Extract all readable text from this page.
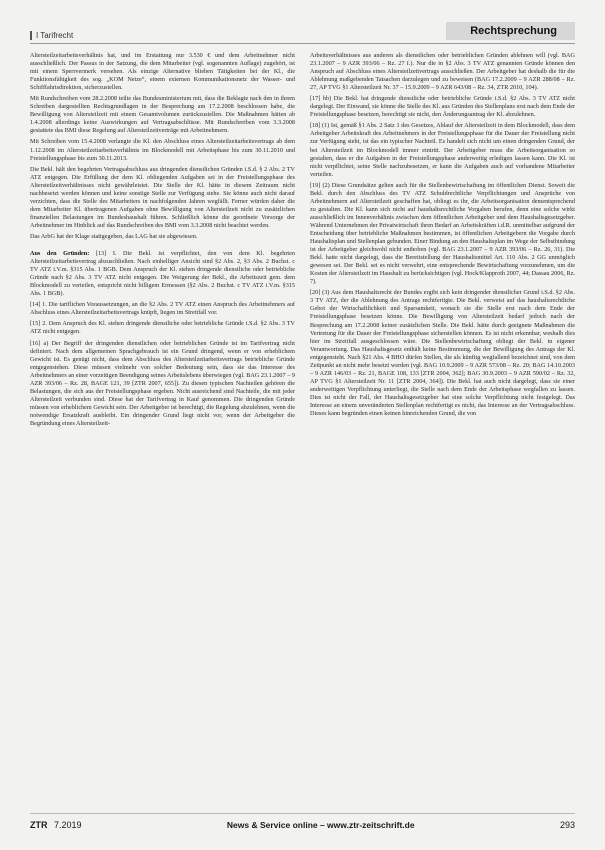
I Tarifrecht	Rechtsprechung

Altersteilzeitarbeitsverhältnis hat, und im Erstattung nur 3.530 € und dem Arbeitnehmer nicht ausschließlich. Der Passus in der Satzung, die dem Mitarbeiter (vgl. sogenannten Auflage) zugehört, ist mit einem Sperrvermerk versehen. Als einzige Alternative blieben Tätigkeiten bei der Kl., die Funktionsfähigkeit des sog. „KOM Netze“, einem externen Kommunikationsnetz der Wasser- und Schifffahrtsdirektion, sicherzustellen.

Mit Rundschreiben vom 28.2.2008 teilte das Bundesministerium mit, dass die Beklagte nach den in ihrem Schreiben dargestellten Rechtsgrundlagen in der Besprechung am 17.2.2008 beschlossen habe, die Bewilligung von Altersteilzeit mit einem Gesamtvolumen zurückzustellen. Die Maßnahmen hätten ab 1.4.2008 allerdings keine Auswirkungen auf Vertragsabschlüsse. Mit Rundschreiben vom 3.3.2008 gestattete das BMI diese Regelung auf Altersteilzeitverträge mit Arbeitnehmern.

Mit Schreiben vom 15.4.2008 verlangte die Kl. den Abschluss eines Altersteilzeitarbeitsvertrags ab dem 1.12.2008 im Altersteilzeitarbeitsverhältnis im Blockmodell mit Arbeitsphase bis zum 30.11.2010 und Freistellungsphase bis zum 30.11.2013.

Die Bekl. hält den begehrten Vertragsabschluss aus dringenden dienstlichen Gründen i.S.d. § 2 Abs. 2 TV ATZ entgegen. Die Erfüllung der dem Kl. obliegenden Aufgaben sei in der Freistellungsphase des Altersteilzeitverhältnisses nicht gewährleistet. Die Stelle der Kl. hätte in diesem Zeitraum nicht nachbesetzt werden können und keine sonstige Stelle zur Verfügung stehe. Sie könne auch nicht darauf verzichten, dass die Stelle des Mitarbeiters in nachfolgenden Jahren wegfällt. Ferner würden daher die dem Mitarbeiter Kl. übertragenen Aufgaben ohne Bewilligung von Altersteilzeit nicht zu zusätzlichen finanziellen Belastungen im Bundeshaushalt führen. Schließlich könne die geordnete Vorsorge der Arbeitnehmer im Hinblick auf das Rundschreiben des BMI vom 3.3.2008 nicht beachtet werden.

Das ArbG hat der Klage stattgegeben, das LAG hat sie abgewiesen.

Aus den Gründen: [13] I. Die Bekl. ist verpflichtet, den von dem Kl. begehrten Altersteilzeitarbeitsvertrag abzuschließen. Nach einhelliger Ansicht sind §2 Abs. 2, §3 Abs. 2 Buchst. c TV ATZ i.V.m. §315 Abs. 1 BGB. Dem Anspruch der Kl. stehen dringende dienstliche oder betriebliche Gründe nach §2 Abs. 3 TV ATZ nicht entgegen. Die Weigerung der Bekl., die Arbeitszeit gem. dem Blockmodell zu verteilen, entspricht nicht billigem Ermessen (§2 Abs. 2 Buchst. c TV ATZ i.V.m. §315 Abs. 1 BGB).

[14] 1. Die tariflichen Voraussetzungen, an die §2 Abs. 2 TV ATZ einen Anspruch des Arbeitnehmers auf Abschluss eines Altersteilzeitarbeitsvertrags knüpft, liegen im Streitfall vor.

[15] 2. Dem Anspruch des Kl. stehen dringende dienstliche oder betriebliche Gründe i.S.d. §2 Abs. 3 TV ATZ nicht entgegen.

[16] a) Der Begriff der dringenden dienstlichen oder betrieblichen Gründe ist im Tarifvertrag nicht definiert. Nach dem allgemeinen Sprachgebrauch ist ein Grund dringend, wenn er von erheblichem Gewicht ist. Es genügt nicht, dass dem Abschluss des Altersteilzeitarbeitsvertrags betriebliche Gründe entgegenstehen. Diese müssen vielmehr von solcher Bedeutung sein, dass sie das Interesse des Arbeitnehmers an einer vorzeitigen Beendigung seines Arbeitslebens überwiegen (vgl. BAG 23.1.2007 – 9 AZR 393/06 – Rz. 28, BAGE 121, 39 [ZTR 2007, 655]). Zu diesen typischen Nachteilen gehören die Belastungen, die sich aus der Freistellungsphase ergeben. Nicht ausreichend sind Nachteile, die mit jeder Altersteilzeit verbunden sind. Diese hat der Tarifvertrag in Kauf genommen. Die dringenden Gründe müssen von erheblichem Gewicht sein. Der Arbeitgeber ist berechtigt, die Regelung abzulehnen, wenn die notwendige Ersatzkraft ausbleibt. Ein dringender Grund liegt nicht vor, wenn der Arbeitgeber die Begründung eines Altersteilzeit-

Arbeitsverhältnisses aus anderen als dienstlichen oder betrieblichen Gründen ablehnen will (vgl. BAG 23.1.2007 – 9 AZR 393/06 – Rz. 27 f.). Nur die in §2 Abs. 3 TV ATZ genannten Gründe können den Anspruch auf Abschluss eines Altersteilzeitvertrags ausschließen. Der Arbeitgeber hat deshalb die für die Ablehnung maßgebenden Tatsachen darzulegen und zu beweisen (BAG 17.2.2009 – 9 AZR 288/08 – Rz. 27, AP TVG §1 Altersteilzeit Nr. 37 – 15.9.2009 – 9 AZR 643/08 – Rz. 34, ZTR 2010, 104).

[17] bb) Die Bekl. hat dringende dienstliche oder betriebliche Gründe i.S.d. §2 Abs. 3 TV ATZ nicht dargelegt. Der Einwand, sie könne die Stelle des Kl. aus Gründen des Stellenplans erst nach dem Ende der Freistellungsphase besetzen, berechtigt sie nicht, den Änderungsantrag der Kl. abzulehnen.

[18] (1) Ist, gemäß §1 Abs. 2 Satz 1 des Gesetzes, Ablauf der Altersteilzeit in dem Blockmodell, dass dem Arbeitgeber Arbeitskraft des Arbeitnehmers in der Freistellungsphase für die Dauer der Freistellung nicht zur Verfügung steht, ist das ein typischer Nachteil. Es handelt sich nicht um einen dringenden Grund, der bei Altersteilzeit im Blockmodell immer eintritt. Der Arbeitgeber muss die Arbeitsorganisation so gestalten, dass er die Aufgaben in der Freistellungsphase anderweitig erledigen lassen kann. Die Kl. ist nicht verpflichtet, seine Stelle nachzubesetzen, er kann die Aufgaben auch auf vorhandene Mitarbeiter verteilen.

[19] (2) Diese Grundsätze gelten auch für die Stellenbewirtschaftung im öffentlichen Dienst. Soweit die Bekl. durch den Abschluss des TV ATZ Schuldrechtliche Verpflichtungen und Ansprüche von Arbeitnehmern auf Altersteilzeit geschaffen hat, obliegt es ihr, die Arbeitsorganisation dementsprechend zu gestalten. Die Kl. kann sich nicht auf haushaltsrechtliche Vorgaben berufen, denn eine solche wirkt ausschließlich im Innenverhältnis zwischen dem öffentlichen Arbeitgeber und dem Haushaltsgesetzgeber. Während Unternehmen der Privatwirtschaft ihren Bedarf an Arbeitskräften i.d.R. unmittelbar aufgrund der Entscheidung über betriebliche Maßnahmen bestimmen, ist öffentlichen Arbeitgebern die Vorgabe durch Haushaltsplan und Stellenplan gebunden. Einer Bindung an den Haushaltsplan im Wege der Selbstbindung ist der Arbeitgeber gleichwohl nicht enthoben (vgl. BAG 23.1.2007 – 9 AZR 393/06 – Rz. 26, 31). Die Bekl. hatte nicht dargelegt, dass die Bereitstellung der Haushaltsmittel Art. 110 Abs. 2 GG unmöglich gewesen sei. Der Bekl. sei es nicht verwehrt, eine entsprechende Bewirtschaftung vorzunehmen, um die Kosten der Altersteilzeit im Haushalt zu berücksichtigen (vgl. Hock/Klapproth 2007, 44; Dassau 2006, Rz. 7).

[20] (3) Aus dem Haushaltsrecht der Bundes ergibt sich kein dringender dienstlicher Grund i.S.d. §2 Abs. 3 TV ATZ, der die Ablehnung des Antrags rechtfertigte. Die Bekl. verweist auf das haushaltsrechtliche Gebot der Wirtschaftlichkeit und Sparsamkeit, wonach sie die Stelle erst nach dem Ende der Freistellungsphase besetzen könne. Die Bewilligung von Altersteilzeit bedarf jedoch nach der Besprechung am 17.2.2008 keiner zusätzlichen Stelle. Die Bekl. hätte durch geeignete Maßnahmen die Vertretung für die Dauer der Freistellungsphase sicherstellen können. Es ist nicht erkennbar, weshalb dies hier im Streitfall ausgeschlossen wäre. Die Stellenbewirtschaftung obliegt der Bekl. in eigener Verantwortung. Das Haushaltsgesetz enthält keine Bestimmung, die der Bewilligung des Antrags der Kl. entgegensteht. Nach §21 Abs. 4 BHO dürfen Stellen, die als künftig wegfallend bezeichnet sind, von dem Zeitpunkt an nicht mehr besetzt werden (vgl. BAG 10.9.2009 – 9 AZR 573/08 – Rz. 20; BAG 14.10.2003 – 9 AZR 146/03 – Rz. 21, BAGE 108, 133 [ZTR 2004, 362]; BAG 30.9.2003 – 9 AZR 590/02 – Rz. 32, AP TVG §1 Altersteilzeit Nr. 11 [ZTR 2004, 364]). Die Bekl. hat auch nicht dargelegt, dass sie einer anderweitigen Verpflichtung unterliegt, die Stelle nach dem Ende der Arbeitsphase wegfallen zu lassen. Dies ist nicht der Fall, der Haushaltsgesetzgeber hat eine solche Verpflichtung nicht festgelegt. Das Interesse an einem unveränderten Stellenplan rechtfertigt es nicht, das Interesse an der Vertragsabschluss. Dieses kann begründen einen keinen hinreichenden Grund, die von

ZTR 7.2019	News & Service online – www.ztr-zeitschrift.de	293
